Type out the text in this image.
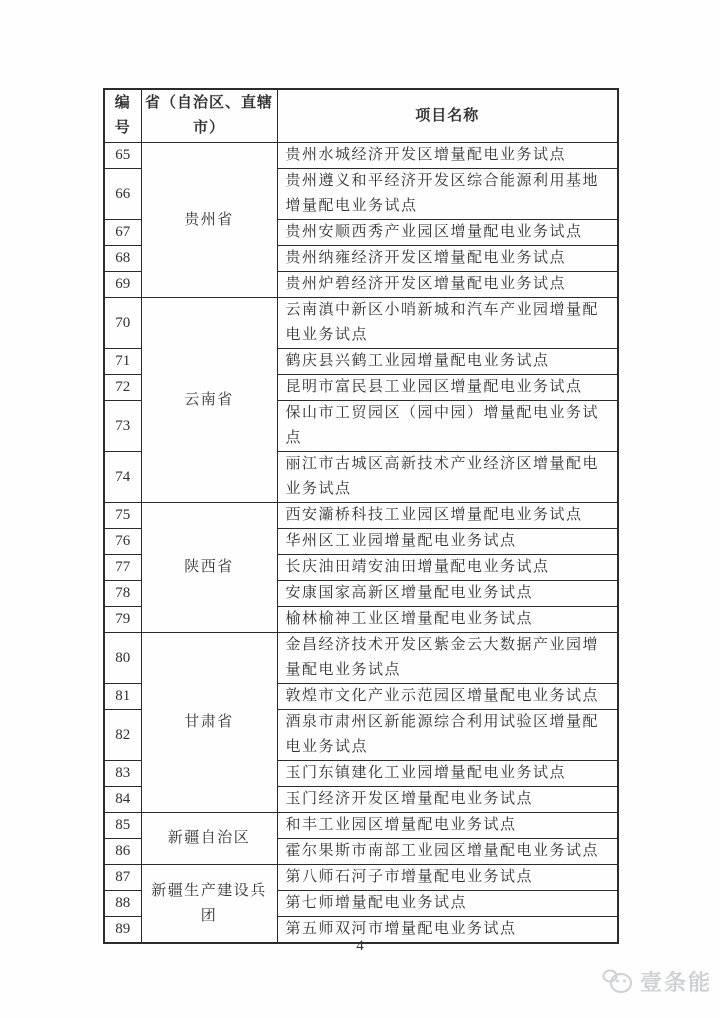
编号	省（自治区、直辖市）	项目名称
65	贵州省	贵州水城经济开发区增量配电业务试点
66		贵州遵义和平经济开发区综合能源利用基地增量配电业务试点
67		贵州安顺西秀产业园区增量配电业务试点
68		贵州纳雍经济开发区增量配电业务试点
69		贵州炉碧经济开发区增量配电业务试点
70	云南省	云南滇中新区小哨新城和汽车产业园增量配电业务试点
71		鹤庆县兴鹤工业园增量配电业务试点
72		昆明市富民县工业园区增量配电业务试点
73		保山市工贸园区（园中园）增量配电业务试点
74		丽江市古城区高新技术产业经济区增量配电业务试点
75	陕西省	西安灞桥科技工业园区增量配电业务试点
76		华州区工业园增量配电业务试点
77		长庆油田靖安油田增量配电业务试点
78		安康国家高新区增量配电业务试点
79		榆林榆神工业区增量配电业务试点
80	甘肃省	金昌经济技术开发区紫金云大数据产业园增量配电业务试点
81		敦煌市文化产业示范园区增量配电业务试点
82		酒泉市肃州区新能源综合利用试验区增量配电业务试点
83		玉门东镇建化工业园增量配电业务试点
84		玉门经济开发区增量配电业务试点
85	新疆自治区	和丰工业园区增量配电业务试点
86		霍尔果斯市南部工业园区增量配电业务试点
87	新疆生产建设兵团	第八师石河子市增量配电业务试点
88		第七师增量配电业务试点
89		第五师双河市增量配电业务试点
4
壹条能
